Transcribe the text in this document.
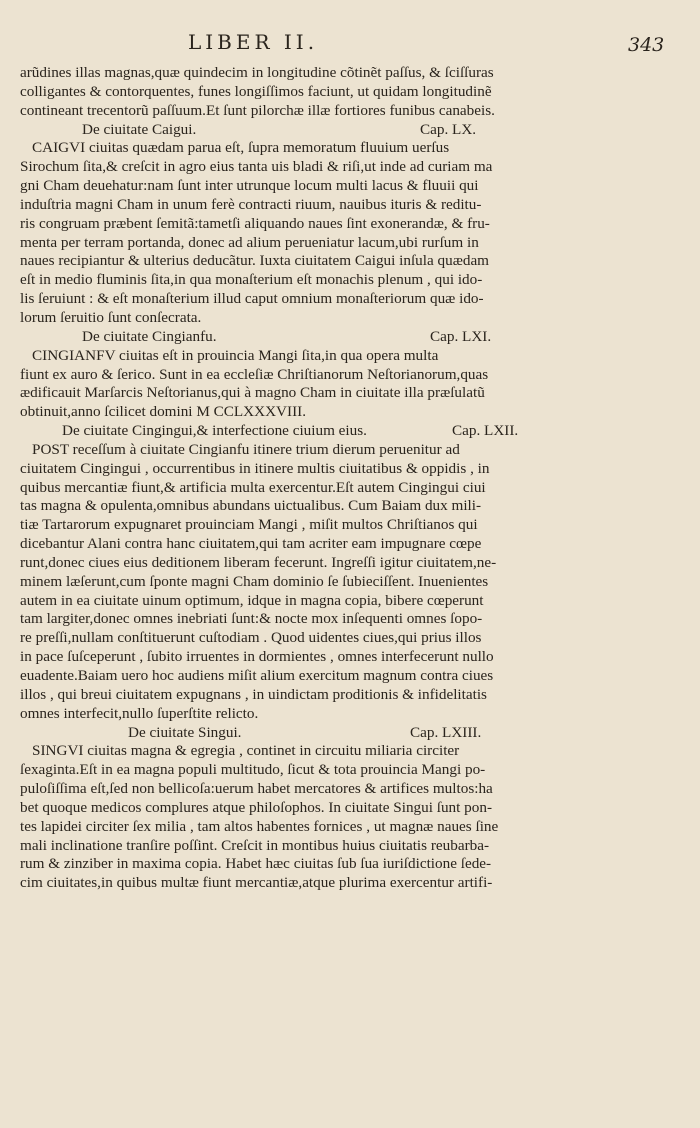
LIBER II.	343
arũdines illas magnas,quæ quindecim in longitudine cõtinẽt paſſus, & ſciſſuras
colligantes & contorquentes, funes longiſſimos faciunt, ut quidam longitudinẽ
contineant trecentorũ paſſuum.Et ſunt pilorchæ illæ fortiores funibus canabeis.
De ciuitate Caigui.	Cap. LX.
CAIGVI ciuitas quædam parua eſt, ſupra memoratum fluuium uerſus
Sirochum ſita,& creſcit in agro eius tanta uis bladi & riſi,ut inde ad curiam ma
gni Cham deuehatur:nam ſunt inter utrunque locum multi lacus & fluuii qui
induſtria magni Cham in unum ferè contracti riuum, nauibus ituris & reditu-
ris congruam præbent ſemitã:tametſi aliquando naues ſint exonerandæ, & fru-
menta per terram portanda, donec ad alium perueniatur lacum,ubi rurſum in
naues recipiantur & ulterius deducãtur. Iuxta ciuitatem Caigui inſula quædam
eſt in medio fluminis ſita,in qua monaſterium eſt monachis plenum , qui ido-
lis ſeruiunt : & eſt monaſterium illud caput omnium monaſteriorum quæ ido-
lorum ſeruitio ſunt conſecrata.
De ciuitate Cingianfu.	Cap. LXI.
CINGIANFV ciuitas eſt in prouincia Mangi ſita,in qua opera multa
fiunt ex auro & ſerico. Sunt in ea eccleſiæ Chriſtianorum Neſtorianorum,quas
ædificauit Marſarcis Neſtorianus,qui à magno Cham in ciuitate illa præſulatũ
obtinuit,anno ſcilicet domini M CCLXXXVIII.
De ciuitate Cingingui,& interfectione ciuium eius.	Cap. LXII.
POST receſſum à ciuitate Cingianfu itinere trium dierum peruenitur ad
ciuitatem Cingingui , occurrentibus in itinere multis ciuitatibus & oppidis , in
quibus mercantiæ fiunt,& artificia multa exercentur.Eſt autem Cingingui ciui
tas magna & opulenta,omnibus abundans uictualibus. Cum Baiam dux mili-
tiæ Tartarorum expugnaret prouinciam Mangi , miſit multos Chriſtianos qui
dicebantur Alani contra hanc ciuitatem,qui tam acriter eam impugnare cœpe
runt,donec ciues eius deditionem liberam fecerunt. Ingreſſi igitur ciuitatem,ne-
minem læſerunt,cum ſponte magni Cham dominio ſe ſubieciſſent. Inuenientes
autem in ea ciuitate uinum optimum, idque in magna copia, bibere cœperunt
tam largiter,donec omnes inebriati ſunt:& nocte mox inſequenti omnes ſopo-
re preſſi,nullam conſtituerunt cuſtodiam . Quod uidentes ciues,qui prius illos
in pace ſuſceperunt , ſubito irruentes in dormientes , omnes interfecerunt nullo
euadente.Baiam uero hoc audiens miſit alium exercitum magnum contra ciues
illos , qui breui ciuitatem expugnans , in uindictam proditionis & infidelitatis
omnes interfecit,nullo ſuperſtite relicto.
De ciuitate Singui.	Cap. LXIII.
SINGVI ciuitas magna & egregia , continet in circuitu miliaria circiter
ſexaginta.Eſt in ea magna populi multitudo, ſicut & tota prouincia Mangi po-
puloſiſſima eſt,ſed non bellicoſa:uerum habet mercatores & artifices multos:ha
bet quoque medicos complures atque philoſophos. In ciuitate Singui ſunt pon-
tes lapidei circiter ſex milia , tam altos habentes fornices , ut magnæ naues ſine
mali inclinatione tranſire poſſint. Creſcit in montibus huius ciuitatis reubarba-
rum & zinziber in maxima copia. Habet hæc ciuitas ſub ſua iuriſdictione ſede-
cim ciuitates,in quibus multæ fiunt mercantiæ,atque plurima exercentur artifi-
